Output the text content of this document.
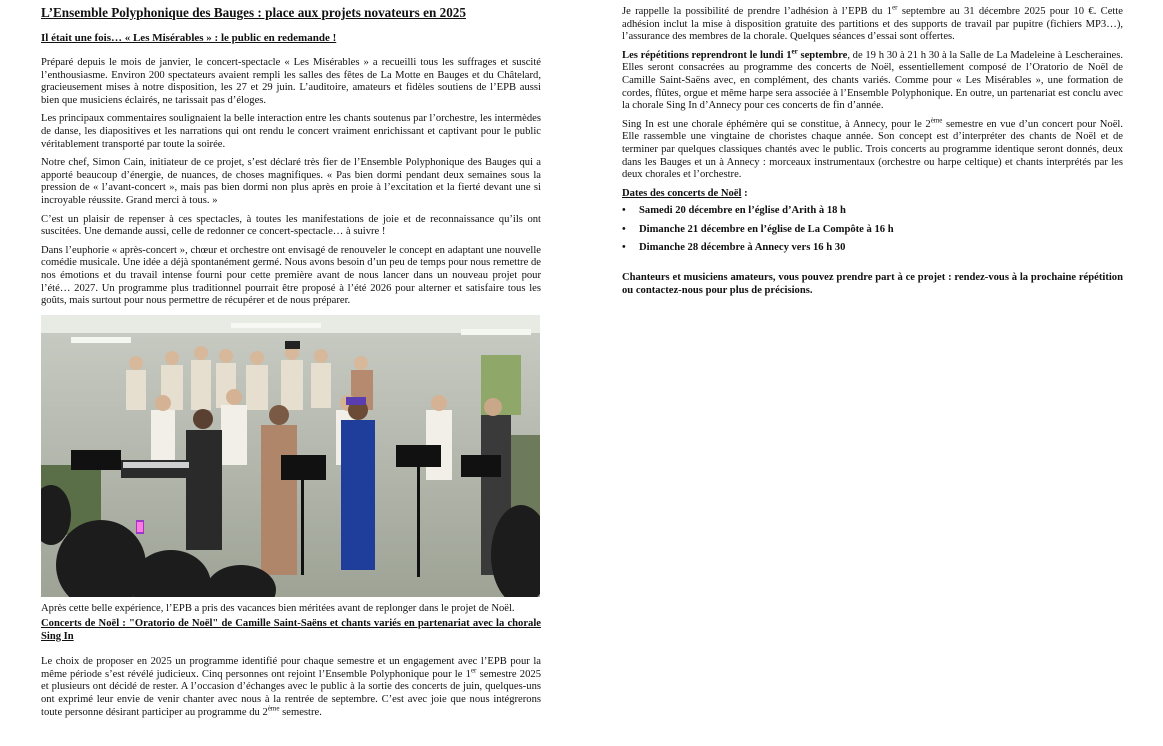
L’Ensemble Polyphonique des Bauges : place aux projets novateurs en 2025
Il était une fois… « Les Misérables » : le public en redemande !

Préparé depuis le mois de janvier, le concert-spectacle « Les Misérables » a recueilli tous les suffrages et suscité l’enthousiasme. Environ 200 spectateurs avaient rempli les salles des fêtes de La Motte en Bauges et du Châtelard, gracieusement mises à notre disposition, les 27 et 29 juin. L’auditoire, amateurs et fidèles soutiens de l’EPB aussi bien que musiciens éclairés, ne tarissait pas d’éloges.

Les principaux commentaires soulignaient la belle interaction entre les chants soutenus par l’orchestre, les intermèdes de danse, les diapositives et les narrations qui ont rendu le concert vraiment enrichissant et captivant pour le public véritablement transporté par toute la soirée.

Notre chef, Simon Cain, initiateur de ce projet, s’est déclaré très fier de l’Ensemble Polyphonique des Bauges qui a apporté beaucoup d’énergie, de nuances, de choses magnifiques. « Pas bien dormi pendant deux semaines sous la pression de « l’avant-concert », mais pas bien dormi non plus après en proie à l’excitation et la fierté devant une si incroyable réussite. Grand merci à tous. »

C’est un plaisir de repenser à ces spectacles, à toutes les manifestations de joie et de reconnaissance qu’ils ont suscitées. Une demande aussi, celle de redonner ce concert-spectacle… à suivre !

Dans l’euphorie « après-concert », chœur et orchestre ont envisagé de renouveler le concept en adaptant une nouvelle comédie musicale. Une idée a déjà spontanément germé. Nous avons besoin d’un peu de temps pour nous remettre de nos émotions et du travail intense fourni pour cette première avant de nous lancer dans un nouveau projet pour l’été… 2027. Un programme plus traditionnel pourrait être proposé à l’été 2026 pour alterner et satisfaire tous les goûts, mais surtout pour nous permettre de récupérer et de nous préparer.

Après cette belle expérience, l’EPB a pris des vacances bien méritées avant de replonger dans le projet de Noël.

Concerts de Noël : "Oratorio de Noël" de Camille Saint-Saëns et chants variés en partenariat avec la chorale Sing In

Le choix de proposer en 2025 un programme identifié pour chaque semestre et un engagement avec l’EPB pour la même période s’est révélé judicieux. Cinq personnes ont rejoint l’Ensemble Polyphonique pour le 1er semestre 2025 et plusieurs ont décidé de rester. A l’occasion d’échanges avec le public à la sortie des concerts de juin, quelques-uns ont exprimé leur envie de venir chanter avec nous à la rentrée de septembre. C’est avec joie que nous intégrerons toute personne désirant participer au programme du 2ème semestre.

Je rappelle la possibilité de prendre l’adhésion à l’EPB du 1er septembre au 31 décembre 2025 pour 10 €. Cette adhésion inclut la mise à disposition gratuite des partitions et des supports de travail par pupitre (fichiers MP3…), l’assurance des membres de la chorale. Quelques séances d’essai sont offertes.

Les répétitions reprendront le lundi 1er septembre, de 19 h 30 à 21 h 30 à la Salle de La Madeleine à Lescheraines. Elles seront consacrées au programme des concerts de Noël, essentiellement composé de l’Oratorio de Noël de Camille Saint-Saëns avec, en complément, des chants variés. Comme pour « Les Misérables », une formation de cordes, flûtes, orgue et même harpe sera associée à l’Ensemble Polyphonique. En outre, un partenariat est conclu avec la chorale Sing In d’Annecy pour ces concerts de fin d’année.

Sing In est une chorale éphémère qui se constitue, à Annecy, pour le 2ème semestre en vue d’un concert pour Noël. Elle rassemble une vingtaine de choristes chaque année. Son concept est d’interpréter des chants de Noël et de terminer par quelques classiques chantés avec le public. Trois concerts au programme identique seront donnés, deux dans les Bauges et un à Annecy : morceaux instrumentaux (orchestre ou harpe celtique) et chants interprétés par les deux chorales et l’orchestre.

Dates des concerts de Noël :

• Samedi 20 décembre en l’église d’Arith à 18 h
• Dimanche 21 décembre en l’église de La Compôte à 16 h
• Dimanche 28 décembre à Annecy vers 16 h 30

Chanteurs et musiciens amateurs, vous pouvez prendre part à ce projet : rendez-vous à la prochaine répétition ou contactez-nous pour plus de précisions.
